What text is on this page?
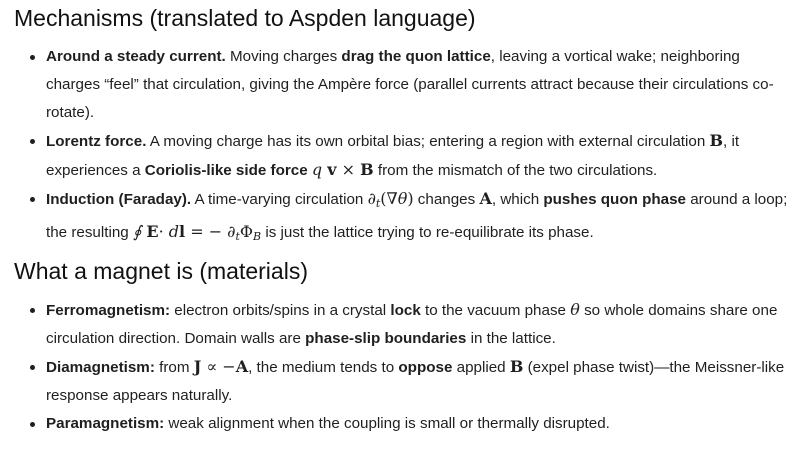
Mechanisms (translated to Aspden language)
Around a steady current. Moving charges drag the quon lattice, leaving a vortical wake; neighboring charges “feel” that circulation, giving the Ampère force (parallel currents attract because their circulations co-rotate).
Lorentz force. A moving charge has its own orbital bias; entering a region with external circulation B, it experiences a Coriolis-like side force q v × B from the mismatch of the two circulations.
Induction (Faraday). A time-varying circulation $\partial_t(\nabla\theta)$ changes A, which pushes quon phase around a loop; the resulting ∮ E· dl = − $\partial_t\Phi_B$ is just the lattice trying to re-equilibrate its phase.
What a magnet is (materials)
Ferromagnetism: electron orbits/spins in a crystal lock to the vacuum phase θ so whole domains share one circulation direction. Domain walls are phase-slip boundaries in the lattice.
Diamagnetism: from J ∝ −A, the medium tends to oppose applied B (expel phase twist)—the Meissner-like response appears naturally.
Paramagnetism: weak alignment when the coupling is small or thermally disrupted.
